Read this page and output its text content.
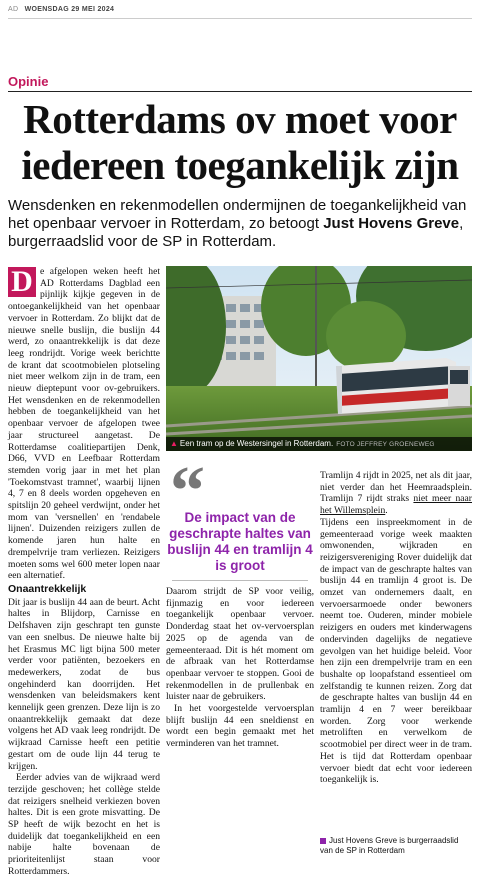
AD WOENSDAG 29 MEI 2024
Opinie
Rotterdams ov moet voor
iedereen toegankelijk zijn
Wensdenken en rekenmodellen ondermijnen de toegankelijkheid van het openbaar vervoer in Rotterdam, zo betoogt Just Hovens Greve, burgerraadslid voor de SP in Rotterdam.
D e afgelopen weken heeft het AD Rotterdams Dagblad een pijnlijk kijkje gegeven in de ontoegankelijkheid van het openbaar vervoer in Rotterdam. Zo blijkt dat de nieuwe snelle buslijn, die buslijn 44 werd, zo onaantrekkelijk is dat deze leeg rondrijdt. Vorige week berichtte de krant dat scootmobielen plotseling niet meer welkom zijn in de tram, een nieuw dieptepunt voor ov-gebruikers. Het wensdenken en de rekenmodellen hebben de toegankelijkheid van het openbaar vervoer de afgelopen twee jaar structureel aangetast. De Rotterdamse coalitiepartijen Denk, D66, VVD en Leefbaar Rotterdam stemden vorig jaar in met het plan 'Toekomstvast tramnet', waarbij lijnen 4, 7 en 8 deels worden opgeheven en spitslijn 20 geheel verdwijnt, onder het mom van 'versnellen' en 'rendabele lijnen'. Duizenden reizigers zullen de komende jaren hun halte en drempelvrije tram verliezen. Reizigers moeten soms wel 600 meter lopen naar een alternatief.

Onaantrekkelijk

Dit jaar is buslijn 44 aan de beurt. Acht haltes in Blijdorp, Carnisse en Delfshaven zijn geschrapt ten gunste van een snelbus. De nieuwe halte bij het Erasmus MC ligt bijna 500 meter verder voor patiënten, bezoekers en medewerkers, zodat de bus ongehinderd kan doorrijden. Het wensdenken van beleidsmakers kent kennelijk geen grenzen. Deze lijn is zo onaantrekkelijk gemaakt dat deze volgens het AD vaak leeg rondrijdt. De wijkraad Carnisse heeft een petitie gestart om de oude lijn 44 terug te krijgen.

Eerder advies van de wijkraad werd terzijde geschoven; het collège stelde dat reizigers snelheid verkiezen boven haltes. Dit is een grote misvatting. De SP heeft de wijk bezocht en het is duidelijk dat toegankelijkheid en een nabije halte bovenaan de prioriteitenlijst staan voor Rotterdammers.

▲ Een tram op de Westersingel in Rotterdam. FOTO JEFFREY GROENEWEG
“
De impact van de geschrapte haltes van buslijn 44 en tramlijn 4 is groot

Daarom strijdt de SP voor veilig, fijnmazig en voor iedereen toegankelijk openbaar vervoer. Donderdag staat het ov-vervoersplan 2025 op de agenda van de gemeenteraad. Dit is hét moment om de afbraak van het Rotterdamse openbaar vervoer te stoppen. Gooi de rekenmodellen in de prullenbak en luister naar de gebruikers.

In het voorgestelde vervoersplan blijft buslijn 44 een sneldienst en wordt een begin gemaakt met het verminderen van het tramnet.

Tramlijn 4 rijdt in 2025, net als dit jaar, niet verder dan het Heemraadsplein. Tramlijn 7 rijdt straks niet meer naar het Willemsplein.

Tijdens een inspreekmoment in de gemeenteraad vorige week maakten omwonenden, wijkraden en reizigersvereniging Rover duidelijk dat de impact van de geschrapte haltes van buslijn 44 en tramlijn 4 groot is. De omzet van ondernemers daalt, en vervoersarmoede onder bewoners neemt toe. Ouderen, minder mobiele reizigers en ouders met kinderwagens ondervinden dagelijks de negatieve gevolgen van het huidige beleid. Voor hen zijn een drempelvrije tram en een bushalte op loopafstand essentieel om zelfstandig te kunnen reizen. Zorg dat de geschrapte haltes van buslijn 44 en tramlijn 4 en 7 weer bereikbaar worden. Zorg voor werkende metroliften en verwelkom de scootmobiel per direct weer in de tram. Het is tijd dat Rotterdam openbaar vervoer biedt dat echt voor iedereen toegankelijk is.

Just Hovens Greve is burgerraadslid van de SP in Rotterdam
